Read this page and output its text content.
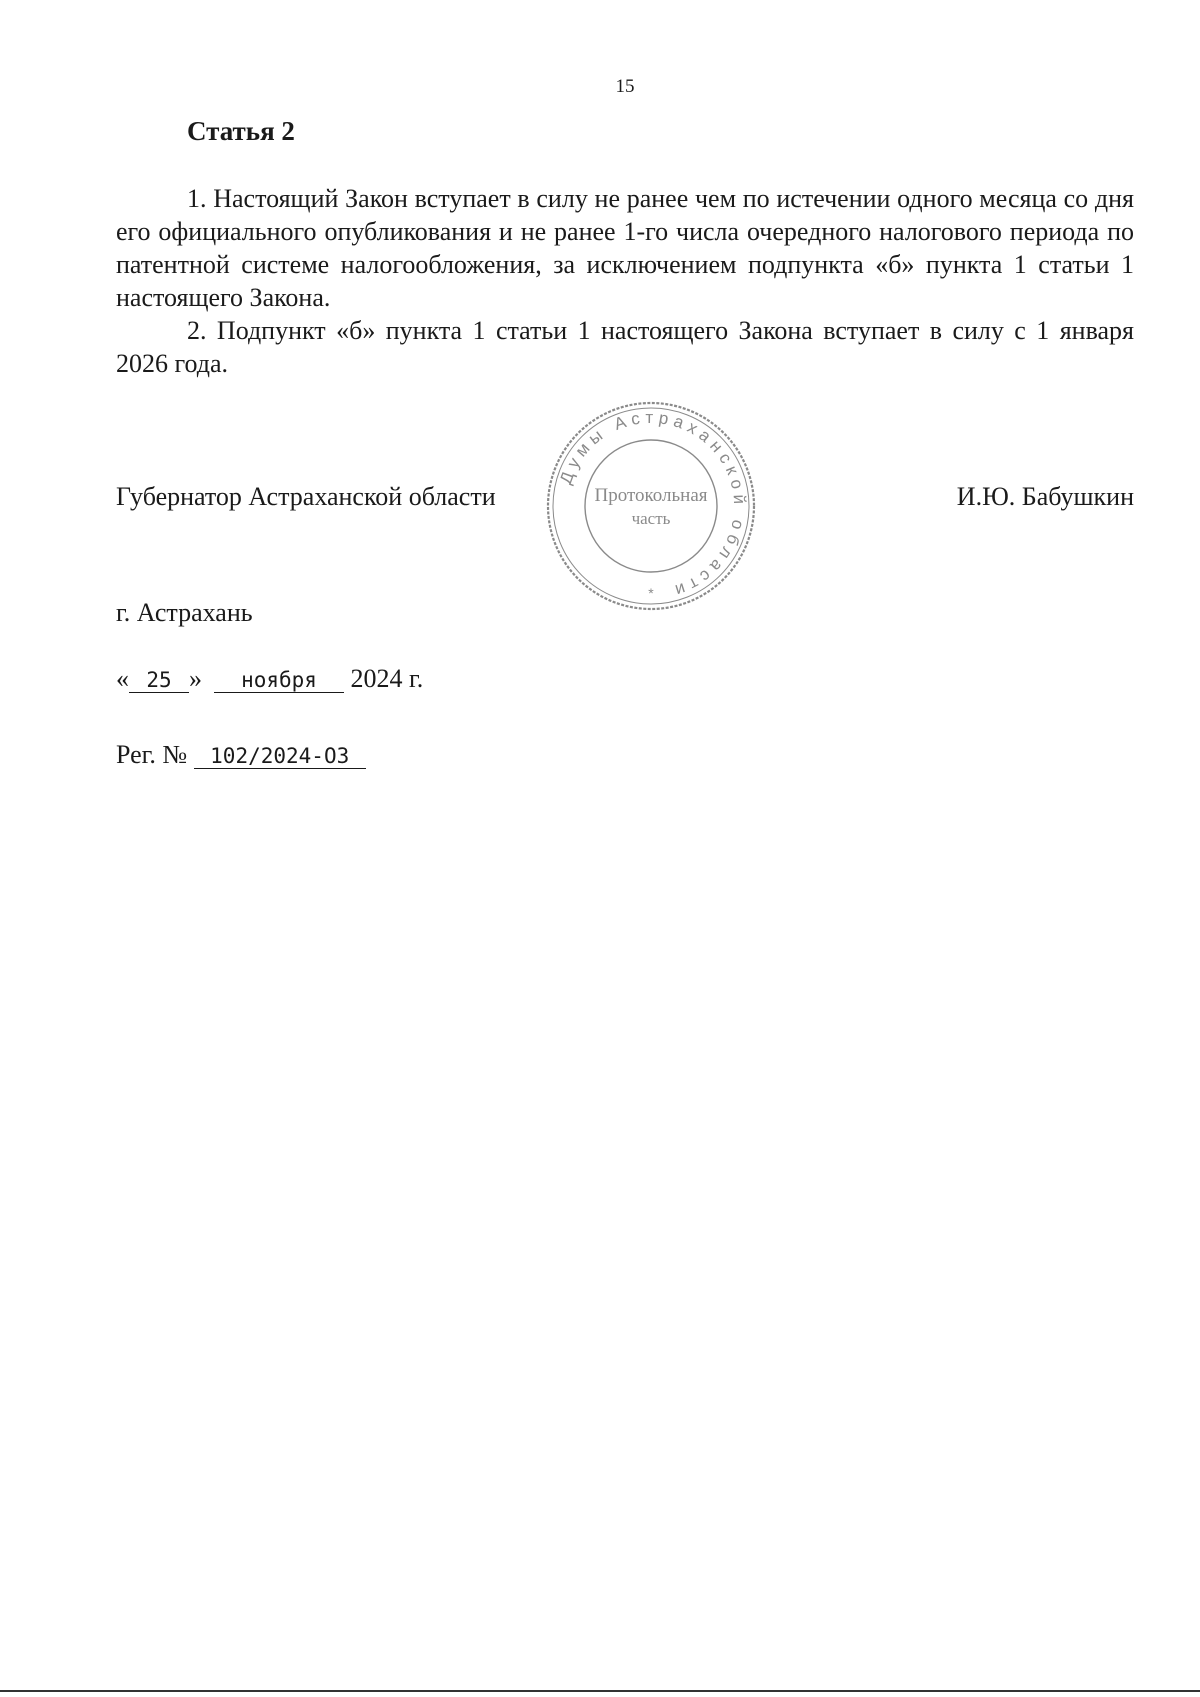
15
Статья 2

1. Настоящий Закон вступает в силу не ранее чем по истечении одного месяца со дня его официального опубликования и не ранее 1-го числа очередного налогового периода по патентной системе налогообложения, за исключением подпункта «б» пункта 1 статьи 1 настоящего Закона.

2. Подпункт «б» пункта 1 статьи 1 настоящего Закона вступает в силу с 1 января 2026 года.

Губернатор Астраханской области	И.Ю. Бабушкин
Думы Астраханской области
Протокольная
часть
*
г. Астрахань
« 25 » ноября 2024 г.
Рег. № 102/2024-ОЗ
